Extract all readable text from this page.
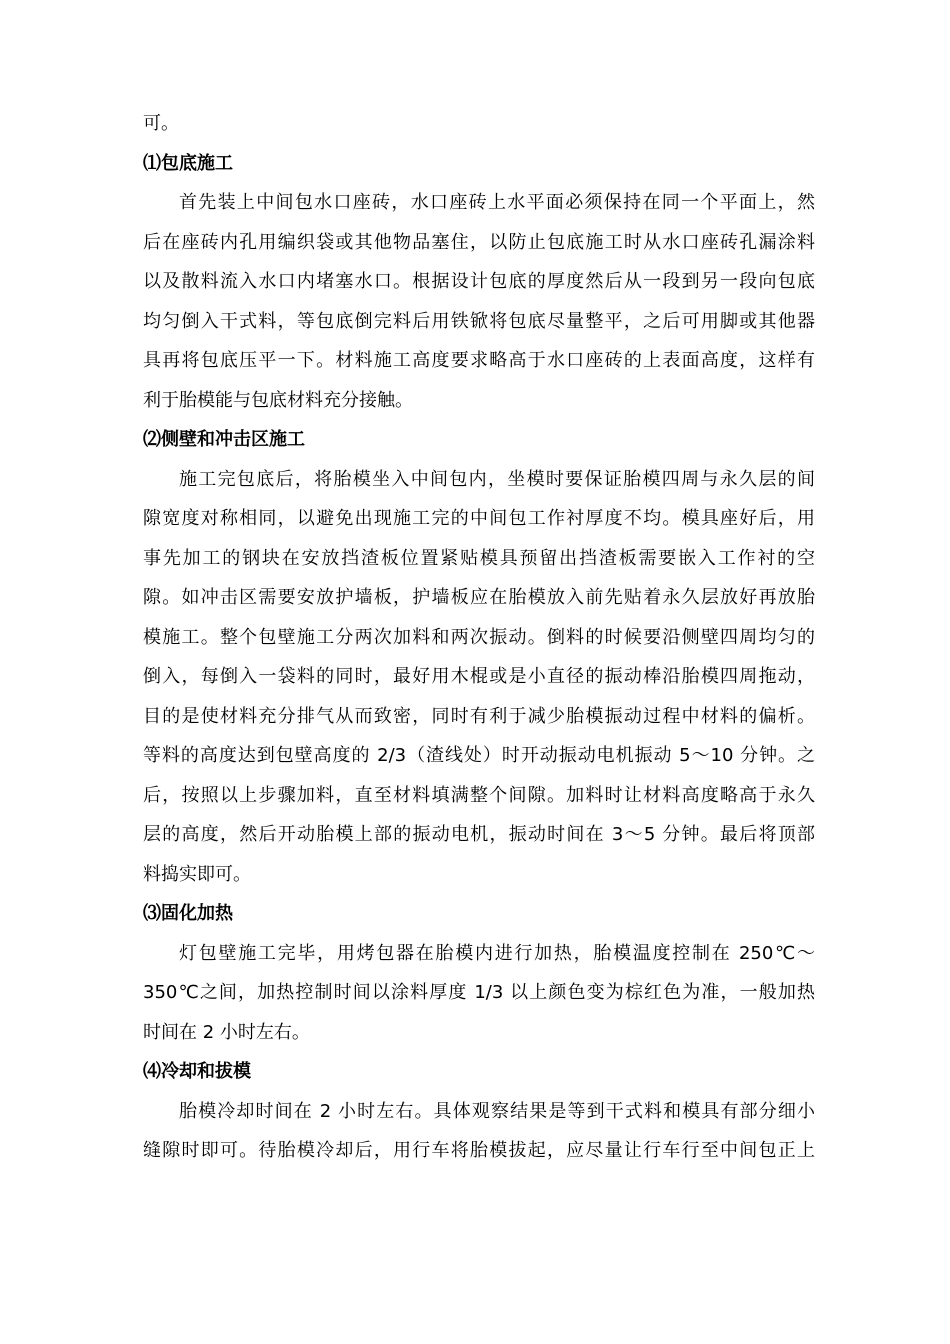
可。
⑴包底施工
首先装上中间包水口座砖，水口座砖上水平面必须保持在同一个平面上，然
后在座砖内孔用编织袋或其他物品塞住，以防止包底施工时从水口座砖孔漏涂料
以及散料流入水口内堵塞水口。根据设计包底的厚度然后从一段到另一段向包底
均匀倒入干式料，等包底倒完料后用铁锨将包底尽量整平，之后可用脚或其他器
具再将包底压平一下。材料施工高度要求略高于水口座砖的上表面高度，这样有
利于胎模能与包底材料充分接触。
⑵侧壁和冲击区施工
施工完包底后，将胎模坐入中间包内，坐模时要保证胎模四周与永久层的间
隙宽度对称相同，以避免出现施工完的中间包工作衬厚度不均。模具座好后，用
事先加工的钢块在安放挡渣板位置紧贴模具预留出挡渣板需要嵌入工作衬的空
隙。如冲击区需要安放护墙板，护墙板应在胎模放入前先贴着永久层放好再放胎
模施工。整个包壁施工分两次加料和两次振动。倒料的时候要沿侧壁四周均匀的
倒入，每倒入一袋料的同时，最好用木棍或是小直径的振动棒沿胎模四周拖动，
目的是使材料充分排气从而致密，同时有利于减少胎模振动过程中材料的偏析。
等料的高度达到包壁高度的 2/3（渣线处）时开动振动电机振动 5～10 分钟。之
后，按照以上步骤加料，直至材料填满整个间隙。加料时让材料高度略高于永久
层的高度，然后开动胎模上部的振动电机，振动时间在 3～5 分钟。最后将顶部
料捣实即可。
⑶固化加热
灯包壁施工完毕，用烤包器在胎模内进行加热，胎模温度控制在 250℃～
350℃之间，加热控制时间以涂料厚度 1/3 以上颜色变为棕红色为准，一般加热
时间在 2 小时左右。
⑷冷却和拔模
胎模冷却时间在 2 小时左右。具体观察结果是等到干式料和模具有部分细小
缝隙时即可。待胎模冷却后，用行车将胎模拔起，应尽量让行车行至中间包正上
